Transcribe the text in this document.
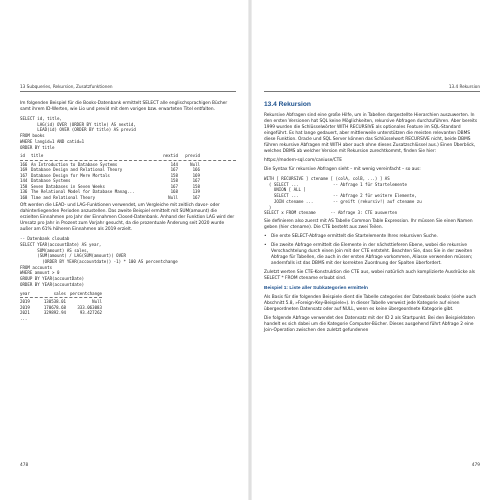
13 Subqueries, Rekursion, Zusatzfunktionen

Im folgenden Beispiel für die Books-Datenbank ermittelt SELECT alle englischsprachigen Bücher samt ihrem ID-Werten, wie Lio und previd mit dem vorigen bzw. erwarteten Titel entfalten.

SELECT id, title,
LAG(id) OVER (ORDER BY title) AS nextid,
LEAD(id) OVER (ORDER BY title) AS previd
FROM books
WHERE langid=1 AND catid=1
ORDER BY title
id	title	nextid	previd
166 An Introduction to Database Systems	144	Null
169 Database Design and Relational Theory	167	166
167 Database Design for Mere Mortals	158	169
144 Database Systems	158	167
158 Seven Databases in Seven Weeks	167	158
136 The Relational Model for Database Manag...	168	139
168 Time and Relational Theory	Null	167

Oft werden die LEAD- und LAG-Funktionen verwendet, um Vergleiche mit zeitlich davor- oder dahinterliegenden Perioden anzustellen. Das zweite Beispiel ermittelt mit SUM(amount) die erzielten Einnahmen pro Jahr der Einnahmen Closed-Datenbank. Anhand der Funktion LAG wird der Umsatz pro Jahr in Prozent zum Vorjahr gesucht, da die prozentuale Änderung seit 2020 wurde außer am 61% höheren Einnahmen als 2019 erzielt.

-- Datenbank cloudab
SELECT YEAR(accountDate) AS year,
SUM(amount) AS sales,
(SUM(amount) / LAG(SUM(amount)) OVER
(ORDER BY YEAR(accountdate)) -1) * 100 AS percentchange
FROM accounts
WHERE amount > 0
GROUP BY YEAR(accountDate)
ORDER BY YEAR(accountdate)
year	sales percentchange
2019	130538.01	Null
2019	170678.68	333.063083
2021	329892.94	93.427262
...
478
13.4 Rekursion
13.4 Rekursion

Rekursive Abfragen sind eine große Hilfe, um in Tabellen dargestellte Hierarchien auszuwerten. In den ersten Versionen hat SQL keine Möglichkeiten, rekursive Abfragen durchzuführen. Aber bereits 1999 wurden die Schlüsselwörter WITH RECURSIVE als optionales Feature im SQL-Standard eingeführt. Es hat lange gedauert, aber mittlerweile unterstützen die meisten relevanten DBMS diese Funktion. Oracle und SQL Server können das Schlüsselwort RECURSIVE nicht, beide DBMS führen rekursive Abfragen mit WITH aber auch ohne dieses Zusatzschlüssel aus.) Einen Überblick, welches DBMS ab welcher Version mit Rekursion zurechtkommt, finden Sie hier:

https://modern-sql.com/caniuse/CTE

Die Syntax für rekursive Abfragen sieht – mit wenig vereinfacht – so aus:

WITH [ RECURSIVE ] ctename [ (colA, colB, ...) ] AS
( SELECT ...              -- Abfrage 1 für Startelemente
UNION [ ALL ]
SELECT ...              -- Abfrage 2 für weitere Elemente,
JOIN ctename ...        -- greift (rekursiv!) auf ctename zu
)
SELECT x FROM ctename      -- Abfrage 3: CTE auswerten

Sie definieren also zuerst mit AS Tabelle Common Table Expression. Ihr müssen Sie einen Namen geben (hier ctename). Die CTE besteht aus zwei Teilen.

•	Die erste SELECT-Abfrage ermittelt die Startelemente Ihres rekursiven Suche.
•	Die zweite Abfrage ermittelt die Elemente in der nächsttieferen Ebene, wobei die rekursive Verschachtelung durch einen Join mit der CTE entsteht. Beachten Sie, dass Sie in der zweiten Abfrage für Tabellen, die auch in der ersten Abfrage vorkommen, Aliasse verwenden müssen; andernfalls ist das DBMS mit der korrekten Zuordnung der Spalten überfordert.

Zuletzt werten Sie CTE-Konstruktion die CTE aus, wobei natürlich auch komplizierte Ausdrücke als SELECT * FROM ctename erlaubt sind.

Beispiel 1: Liste aller Subkategorien ermitteln

Als Basis für die folgenden Beispiele dient die Tabelle categories der Datenbank books (siehe auch Abschnitt 5.8, »Foreign-Key-Beispiele«). In dieser Tabelle verweist jede Kategorie auf einen übergeordneten Datensatz oder auf NULL, wenn es keine übergeordnete Kategorie gibt.

Die folgende Abfrage verwendet den Datensatz mit der ID 2 als Startpunkt. Bei den Beispieldaten handelt es sich dabei um die Kategorie Computer-Bücher. Dieses ausgehend führt Abfrage 2 eine Join-Operation zwischen den zuletzt gefundenen

479
